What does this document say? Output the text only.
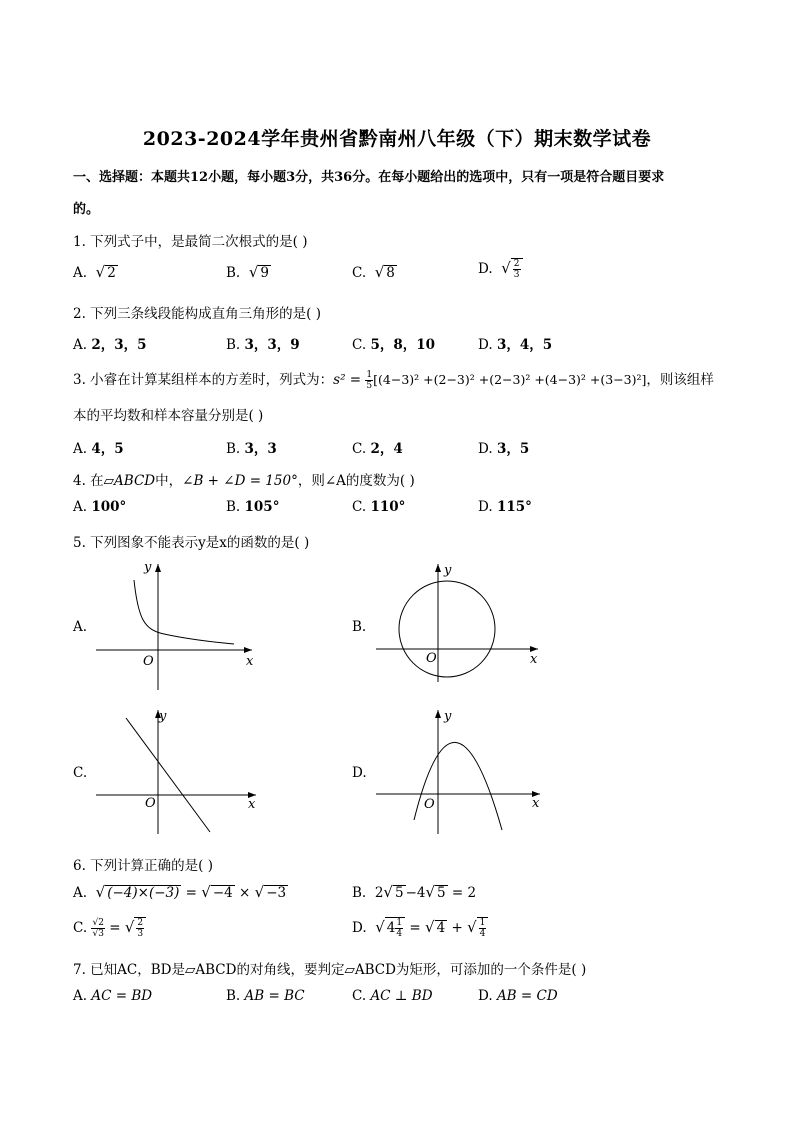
2023-2024学年贵州省黔南州八年级（下）期末数学试卷
一、选择题：本题共12小题，每小题3分，共36分。在每小题给出的选项中，只有一项是符合题目要求
的。
1. 下列式子中，是最简二次根式的是( )
A. √ 2	B. √ 9	C. √ 8	D. √ $\frac{2}{3}$
2. 下列三条线段能构成直角三角形的是( )
A. 2，3，5	B. 3，3，9	C. 5，8，10	D. 3，4，5
3. 小睿在计算某组样本的方差时，列式为：$s^2 = \frac{1}{5} [(4-3)^2 +(2-3)^2 +(2-3)^2 +(4-3)^2 +(3-3)^2]$，则该组样
本的平均数和样本容量分别是( )
A. 4，5	B. 3，3	C. 2，4	D. 3，5
4. 在▱ABCD中，∠B + ∠D = 150°，则∠A的度数为( )
A. 100°	B. 105°	C. 110°	D. 115°
5. 下列图象不能表示y是x的函数的是( )
A.
O	x
y
B.
O	x
y
C.
O	x
y
D.
O	x
y
6. 下列计算正确的是( )
A. √ (−4)×(−3) = √ −4 × √ −3	B. 2√ 5 −4√ 5 = 2
C. $\frac{√2}{√3}$ = √ $\frac{2}{3}$	D. √ $4 \frac{1}{4}$ = √ 4 + √ $\frac{1}{4}$
7. 已知AC，BD是▱ABCD的对角线，要判定▱ABCD为矩形，可添加的一个条件是( )
A. AC = BD	B. AB = BC	C. AC ⊥ BD	D. AB = CD
